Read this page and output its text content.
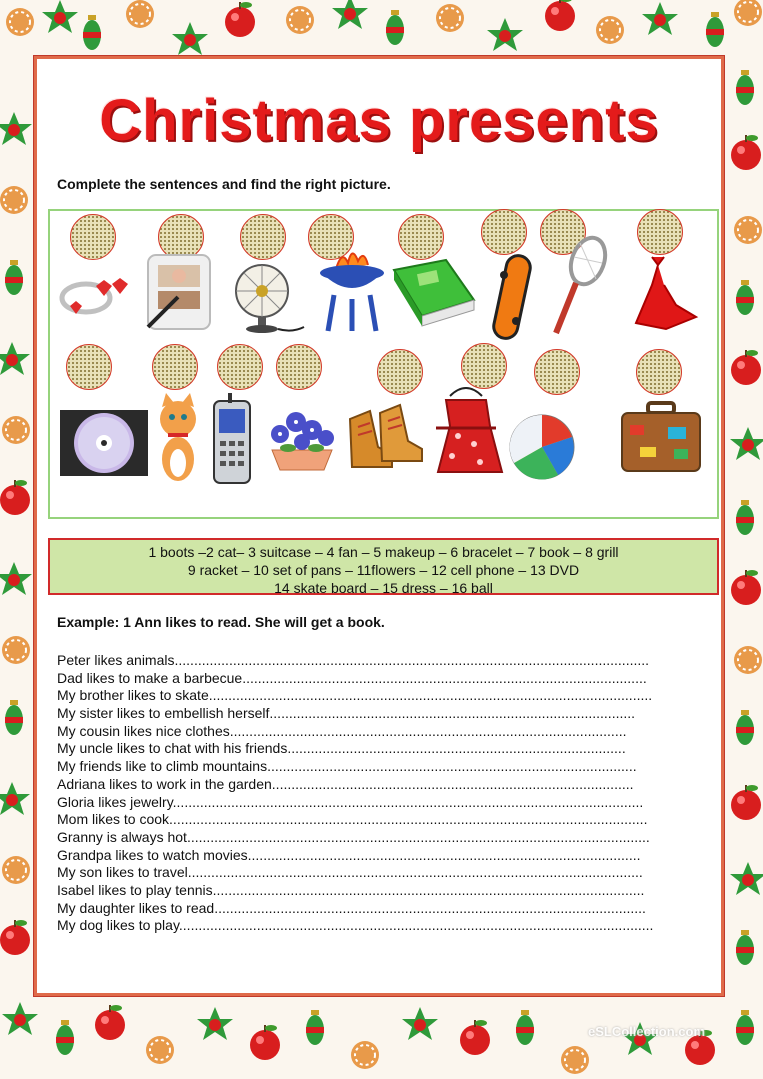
Christmas presents
Complete the sentences and find the right picture.
1 boots –2 cat– 3 suitcase – 4 fan – 5 makeup – 6 bracelet – 7 book – 8 grill
9 racket – 10 set of pans – 11flowers – 12 cell phone – 13 DVD
14 skate board – 15 dress – 16 ball
Example: 1 Ann likes to read. She will get a book.
Peter likes animals..........................................................................................................................
Dad likes to make a barbecue........................................................................................................
My brother likes to skate..................................................................................................................
My sister likes to embellish herself..............................................................................................
My cousin likes nice clothes......................................................................................................
My uncle likes to chat with his friends.......................................................................................
My friends like to climb mountains...............................................................................................
Adriana likes to work in the garden.............................................................................................
Gloria likes jewelry.........................................................................................................................
Mom likes to cook...........................................................................................................................
Granny is always hot.......................................................................................................................
Grandpa likes to watch movies.....................................................................................................
My son likes to travel.....................................................................................................................
Isabel likes to play tennis...............................................................................................................
My daughter likes to read...............................................................................................................
My dog likes to play..........................................................................................................................
eSLCollection.com
